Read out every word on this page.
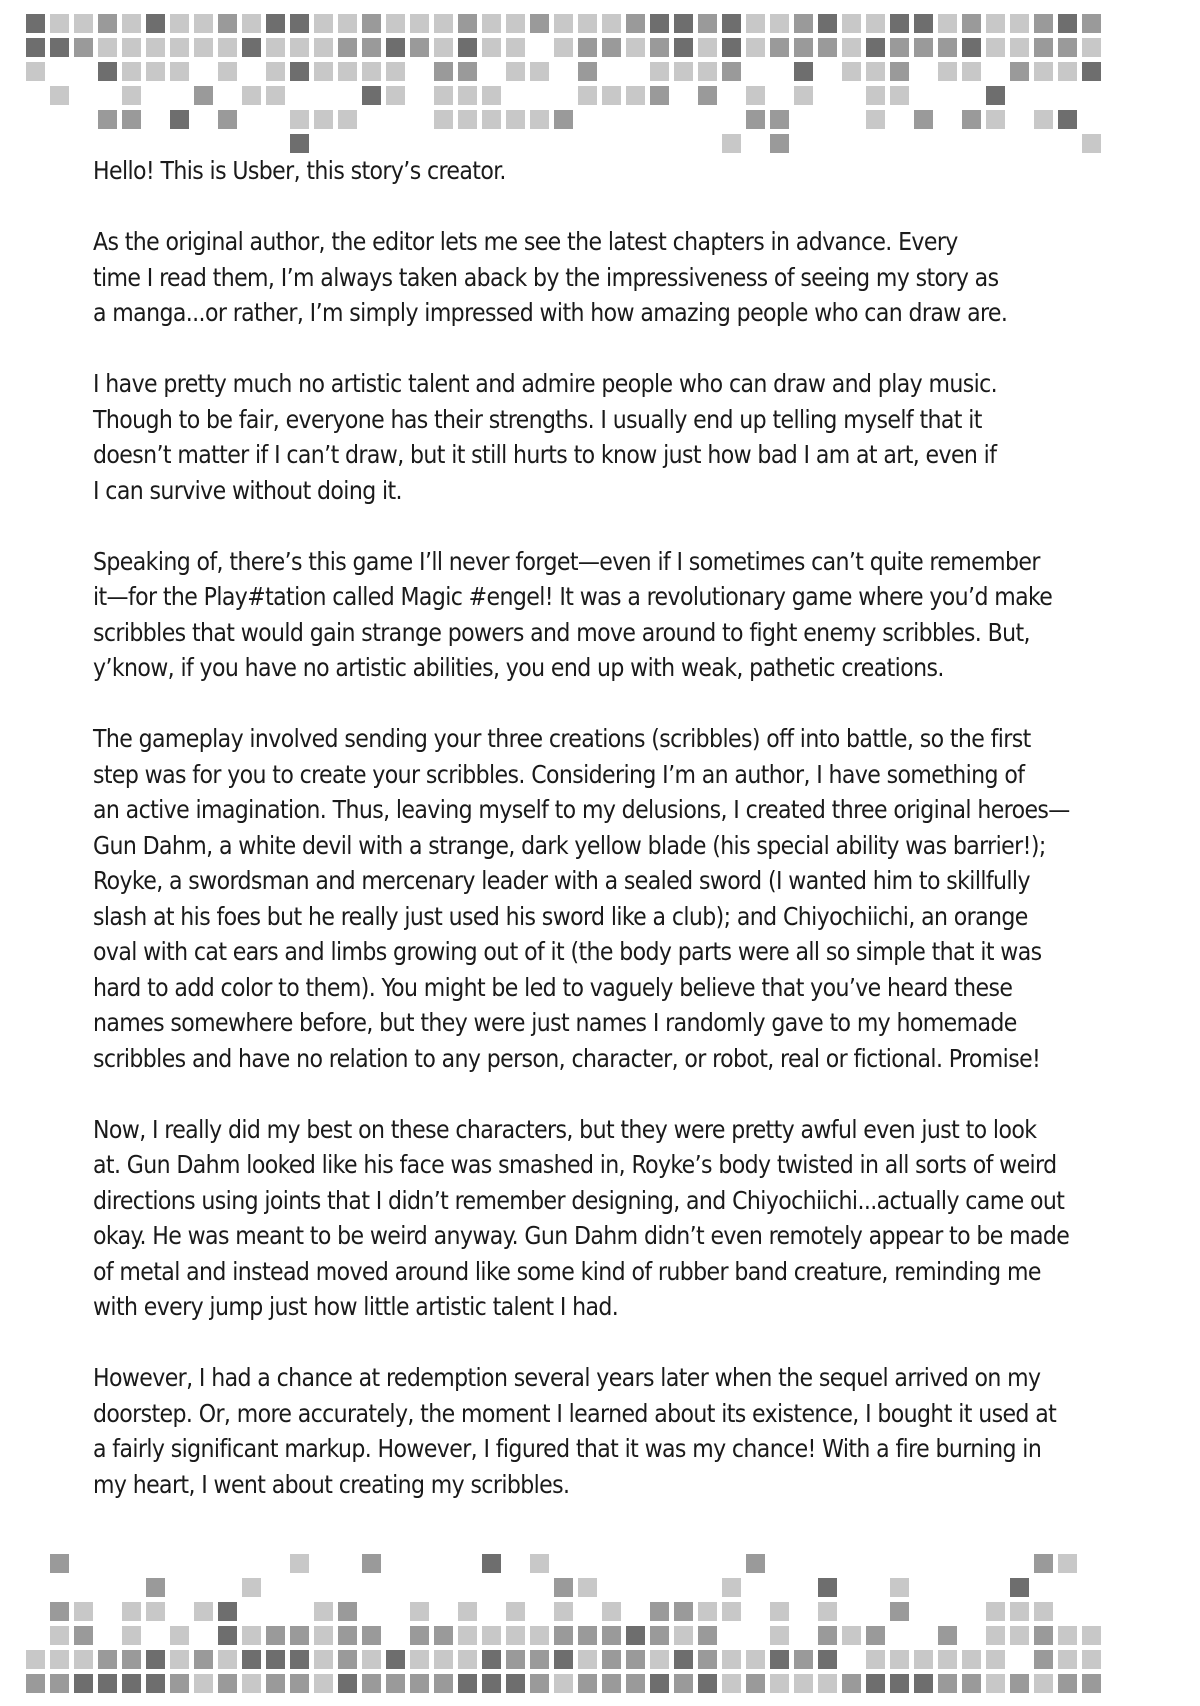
Hello! This is Usber, this story’s creator.

As the original author, the editor lets me see the latest chapters in advance. Every
time I read them, I’m always taken aback by the impressiveness of seeing my story as
a manga...or rather, I’m simply impressed with how amazing people who can draw are.

I have pretty much no artistic talent and admire people who can draw and play music.
Though to be fair, everyone has their strengths. I usually end up telling myself that it
doesn’t matter if I can’t draw, but it still hurts to know just how bad I am at art, even if
I can survive without doing it.

Speaking of, there’s this game I’ll never forget—even if I sometimes can’t quite remember
it—for the Play#tation called Magic #engel! It was a revolutionary game where you’d make
scribbles that would gain strange powers and move around to fight enemy scribbles. But,
y’know, if you have no artistic abilities, you end up with weak, pathetic creations.

The gameplay involved sending your three creations (scribbles) off into battle, so the first
step was for you to create your scribbles. Considering I’m an author, I have something of
an active imagination. Thus, leaving myself to my delusions, I created three original heroes—
Gun Dahm, a white devil with a strange, dark yellow blade (his special ability was barrier!);
Royke, a swordsman and mercenary leader with a sealed sword (I wanted him to skillfully
slash at his foes but he really just used his sword like a club); and Chiyochiichi, an orange
oval with cat ears and limbs growing out of it (the body parts were all so simple that it was
hard to add color to them). You might be led to vaguely believe that you’ve heard these
names somewhere before, but they were just names I randomly gave to my homemade
scribbles and have no relation to any person, character, or robot, real or fictional. Promise!

Now, I really did my best on these characters, but they were pretty awful even just to look
at. Gun Dahm looked like his face was smashed in, Royke’s body twisted in all sorts of weird
directions using joints that I didn’t remember designing, and Chiyochiichi...actually came out
okay. He was meant to be weird anyway. Gun Dahm didn’t even remotely appear to be made
of metal and instead moved around like some kind of rubber band creature, reminding me
with every jump just how little artistic talent I had.

However, I had a chance at redemption several years later when the sequel arrived on my
doorstep. Or, more accurately, the moment I learned about its existence, I bought it used at
a fairly significant markup. However, I figured that it was my chance! With a fire burning in
my heart, I went about creating my scribbles.
